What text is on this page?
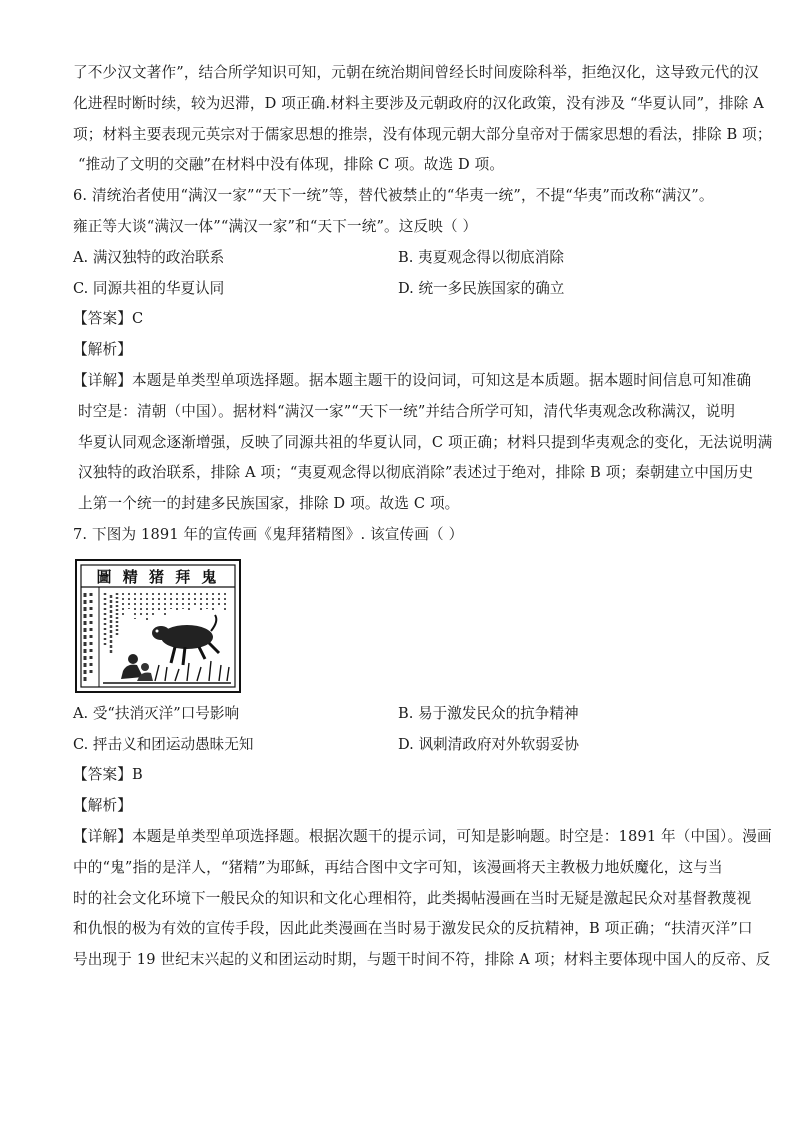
了不少汉文著作”，结合所学知识可知，元朝在统治期间曾经长时间废除科举，拒绝汉化，这导致元代的汉

化进程时断时续，较为迟滞，D 项正确.材料主要涉及元朝政府的汉化政策，没有涉及 “华夏认同”，排除 A

项；材料主要表现元英宗对于儒家思想的推崇，没有体现元朝大部分皇帝对于儒家思想的看法，排除 B 项；

“推动了文明的交融”在材料中没有体现，排除 C 项。故选 D 项。

6. 清统治者使用“满汉一家”“天下一统”等，替代被禁止的“华夷一统”，不提“华夷”而改称“满汉”。

雍正等大谈“满汉一体”“满汉一家”和“天下一统”。这反映（ ）

A. 满汉独特的政治联系	B. 夷夏观念得以彻底消除
C. 同源共祖的华夏认同	D. 统一多民族国家的确立

【答案】C

【解析】

【详解】本题是单类型单项选择题。据本题主题干的设问词，可知这是本质题。据本题时间信息可知准确

时空是：清朝（中国）。据材料“满汉一家”“天下一统”并结合所学可知，清代华夷观念改称满汉，说明

华夏认同观念逐渐增强，反映了同源共祖的华夏认同，C 项正确；材料只提到华夷观念的变化，无法说明满

汉独特的政治联系，排除 A 项；“夷夏观念得以彻底消除”表述过于绝对，排除 B 项；秦朝建立中国历史

上第一个统一的封建多民族国家，排除 D 项。故选 C 项。

7. 下图为 1891 年的宣传画《鬼拜猪精图》. 该宣传画（ ）

圖 精 猪 拜 鬼
A. 受“扶消灭洋”口号影响	B. 易于激发民众的抗争精神
C. 抨击义和团运动愚昧无知	D. 讽刺清政府对外软弱妥协

【答案】B

【解析】

【详解】本题是单类型单项选择题。根据次题干的提示词，可知是影响题。时空是：1891 年（中国）。漫画

中的“鬼”指的是洋人，“猪精”为耶稣，再结合图中文字可知，该漫画将天主教极力地妖魔化，这与当

时的社会文化环境下一般民众的知识和文化心理相符，此类揭帖漫画在当时无疑是激起民众对基督教蔑视

和仇恨的极为有效的宣传手段，因此此类漫画在当时易于激发民众的反抗精神，B 项正确；“扶清灭洋”口

号出现于 19 世纪末兴起的义和团运动时期，与题干时间不符，排除 A 项；材料主要体现中国人的反帝、反
